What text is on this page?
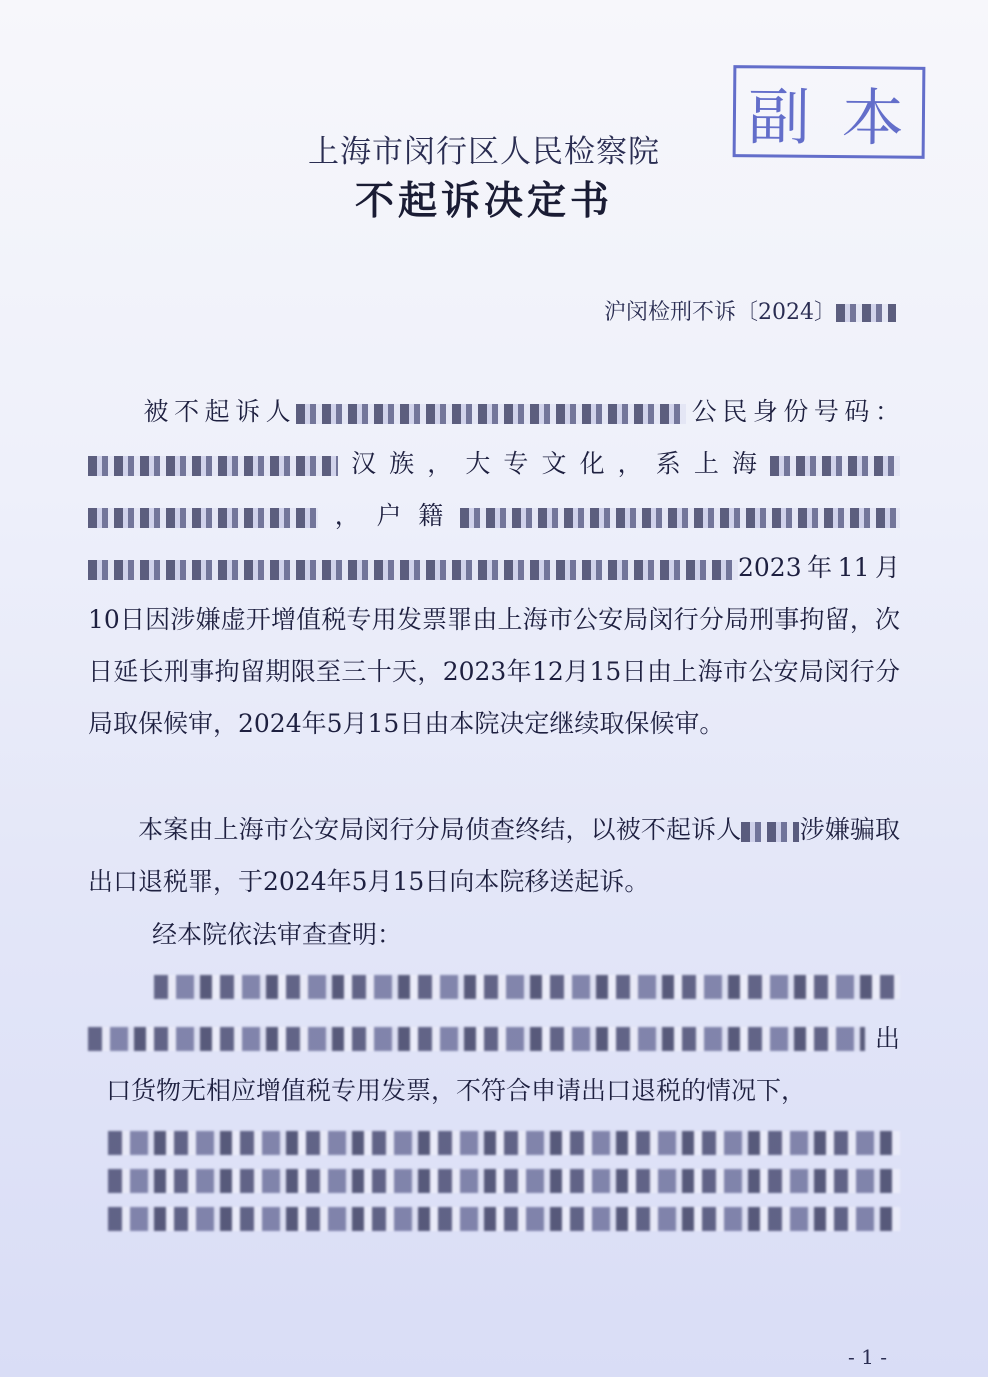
副 本
上海市闵行区人民检察院
不起诉决定书
沪闵检刑不诉〔2024〕
被不起诉人	公民身份号码：汉族，大专文化，系上海，户籍2023年11月10日因涉嫌虚开增值税专用发票罪由上海市公安局闵行分局刑事拘留，次日延长刑事拘留期限至三十天，2023年12月15日由上海市公安局闵行分局取保候审，2024年5月15日由本院决定继续取保候审。
本案由上海市公安局闵行分局侦查终结，以被不起诉人 涉嫌骗取出口退税罪，于2024年5月15日向本院移送起诉。
经本院依法审查查明：
出
口货物无相应增值税专用发票，不符合申请出口退税的情况下，
- 1 -
